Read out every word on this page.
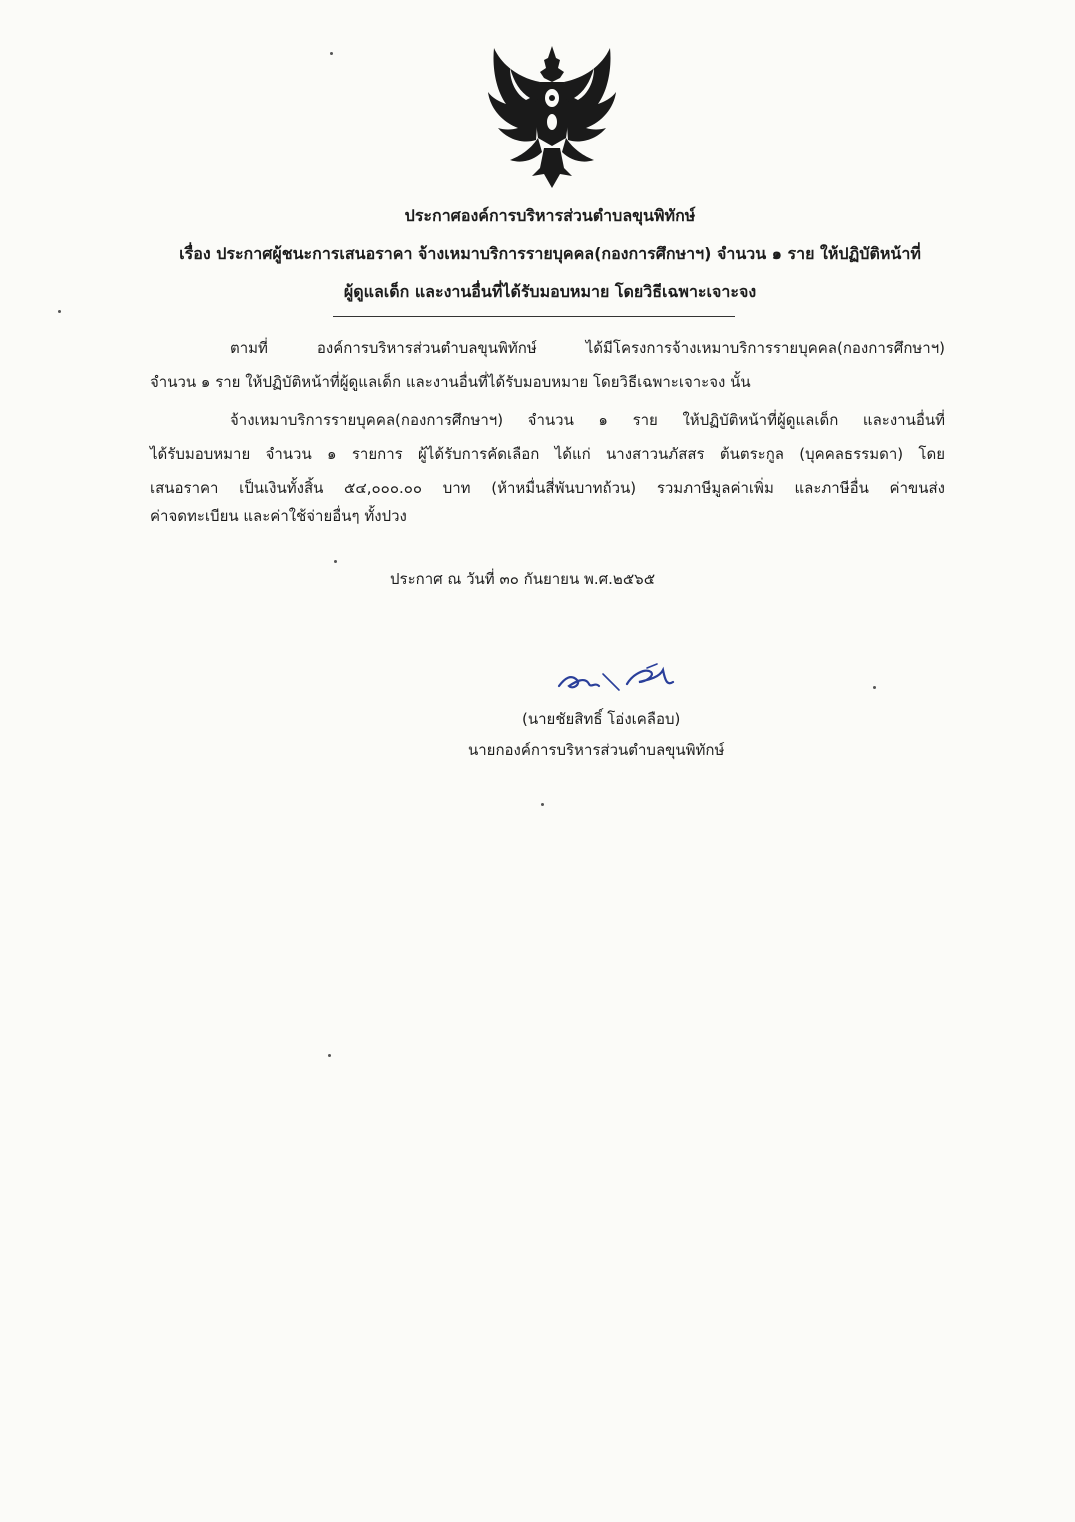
ประกาศองค์การบริหารส่วนตำบลขุนพิทักษ์
เรื่อง ประกาศผู้ชนะการเสนอราคา จ้างเหมาบริการรายบุคคล(กองการศึกษาฯ) จำนวน ๑ ราย ให้ปฏิบัติหน้าที่
ผู้ดูแลเด็ก และงานอื่นที่ได้รับมอบหมาย โดยวิธีเฉพาะเจาะจง
ตามที่ องค์การบริหารส่วนตำบลขุนพิทักษ์ ได้มีโครงการจ้างเหมาบริการรายบุคคล(กองการศึกษาฯ)
จำนวน ๑ ราย ให้ปฏิบัติหน้าที่ผู้ดูแลเด็ก และงานอื่นที่ได้รับมอบหมาย โดยวิธีเฉพาะเจาะจง นั้น
จ้างเหมาบริการรายบุคคล(กองการศึกษาฯ) จำนวน ๑ ราย ให้ปฏิบัติหน้าที่ผู้ดูแลเด็ก และงานอื่นที่
ได้รับมอบหมาย จำนวน ๑ รายการ ผู้ได้รับการคัดเลือก ได้แก่ นางสาวนภัสสร ต้นตระกูล (บุคคลธรรมดา) โดย
เสนอราคา เป็นเงินทั้งสิ้น ๕๔,๐๐๐.๐๐ บาท (ห้าหมื่นสี่พันบาทถ้วน) รวมภาษีมูลค่าเพิ่ม และภาษีอื่น ค่าขนส่ง
ค่าจดทะเบียน และค่าใช้จ่ายอื่นๆ ทั้งปวง
ประกาศ ณ วันที่ ๓๐ กันยายน พ.ศ.๒๕๖๕
(นายชัยสิทธิ์ โอ่งเคลือบ)
นายกองค์การบริหารส่วนตำบลขุนพิทักษ์
